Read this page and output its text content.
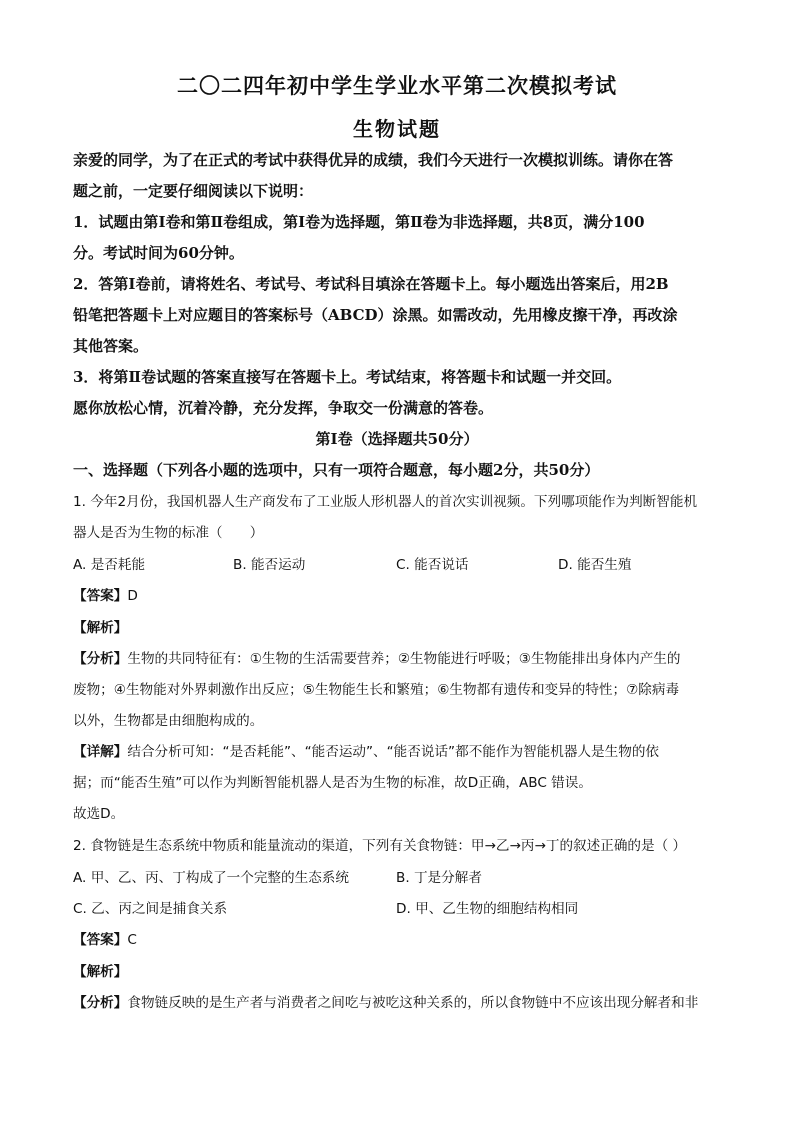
二〇二四年初中学生学业水平第二次模拟考试
生物试题
亲爱的同学，为了在正式的考试中获得优异的成绩，我们今天进行一次模拟训练。请你在答
题之前，一定要仔细阅读以下说明：
1．试题由第Ⅰ卷和第Ⅱ卷组成，第Ⅰ卷为选择题，第Ⅱ卷为非选择题，共8页，满分100
分。考试时间为60分钟。
2．答第Ⅰ卷前，请将姓名、考试号、考试科目填涂在答题卡上。每小题选出答案后，用2B
铅笔把答题卡上对应题目的答案标号（ABCD）涂黑。如需改动，先用橡皮擦干净，再改涂
其他答案。
3．将第Ⅱ卷试题的答案直接写在答题卡上。考试结束，将答题卡和试题一并交回。
愿你放松心情，沉着冷静，充分发挥，争取交一份满意的答卷。
第Ⅰ卷（选择题共50分）
一、选择题（下列各小题的选项中，只有一项符合题意，每小题2分，共50分）
1. 今年2月份，我国机器人生产商发布了工业版人形机器人的首次实训视频。下列哪项能作为判断智能机
器人是否为生物的标准（　　）
A. 是否耗能	B. 能否运动	C. 能否说话	D. 能否生殖
【答案】D
【解析】
【分析】生物的共同特征有：①生物的生活需要营养；②生物能进行呼吸；③生物能排出身体内产生的
废物；④生物能对外界刺激作出反应；⑤生物能生长和繁殖；⑥生物都有遗传和变异的特性；⑦除病毒
以外，生物都是由细胞构成的。
【详解】结合分析可知：“是否耗能”、“能否运动”、“能否说话”都不能作为智能机器人是生物的依
据；而“能否生殖”可以作为判断智能机器人是否为生物的标准，故D正确，ABC 错误。
故选D。
2. 食物链是生态系统中物质和能量流动的渠道，下列有关食物链：甲→乙→丙→丁的叙述正确的是（ ）
A. 甲、乙、丙、丁构成了一个完整的生态系统	B. 丁是分解者
C. 乙、丙之间是捕食关系	D. 甲、乙生物的细胞结构相同
【答案】C
【解析】
【分析】食物链反映的是生产者与消费者之间吃与被吃这种关系的，所以食物链中不应该出现分解者和非
